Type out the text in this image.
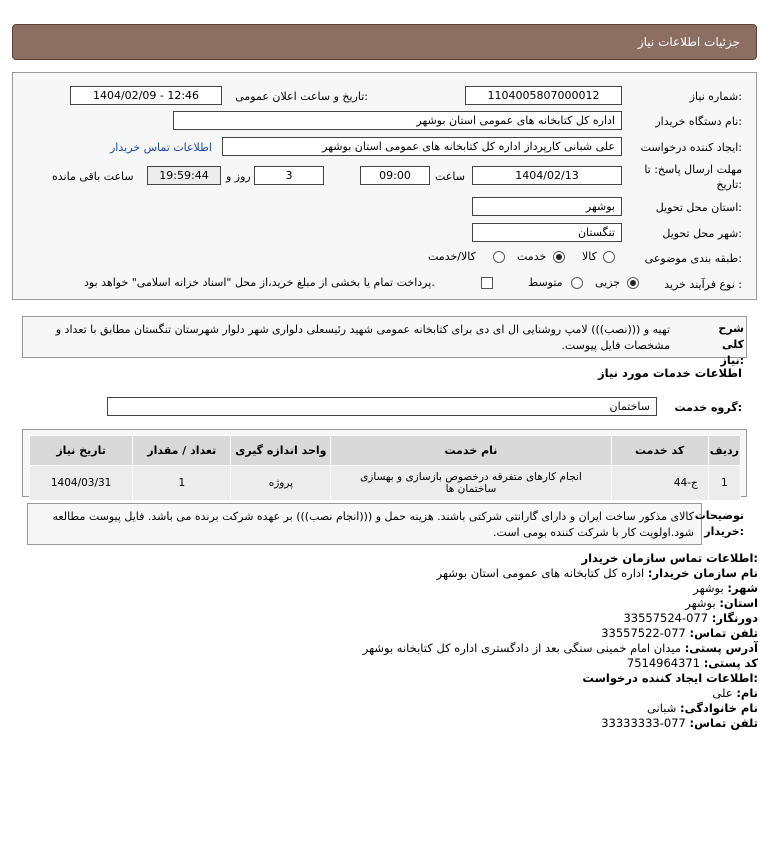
جزئیات اطلاعات نیاز
شماره نیاز:
1104005807000012
تاریخ و ساعت اعلان عمومی:
1404/02/09 - 12:46
نام دستگاه خریدار:
اداره کل کتابخانه های عمومی استان بوشهر
ایجاد کننده درخواست:
علی شبانی کارپرداز اداره کل کتابخانه های عمومی استان بوشهر
اطلاعات تماس خریدار
مهلت ارسال پاسخ: تا
تاریخ:
1404/02/13
ساعت
09:00
3
روز و
19:59:44
ساعت باقی مانده
استان محل تحویل:
بوشهر
شهر محل تحویل:
تنگستان
طبقه بندی موضوعی:
کالا
خدمت
کالا/خدمت
نوع فرآیند خرید :
جزیی
متوسط
پرداخت تمام یا بخشی از مبلغ خرید،از محل "اسناد خزانه اسلامی" خواهد بود.
شرح کلی نیاز:
تهیه و (((نصب))) لامپ روشنایی ال ای دی برای کتابخانه عمومی شهید رئیسعلی دلواری شهر دلوار شهرستان تنگستان مطابق با تعداد و مشخصات فایل پیوست.
اطلاعات خدمات مورد نیاز
گروه خدمت:
ساختمان
ردیف	کد خدمت	نام خدمت	واحد اندازه گیری	تعداد / مقدار	تاریخ نیاز
1	ج-44	انجام کارهای متفرقه درخصوص بازسازی و بهسازی ساختمان ها	پروژه	1	1404/03/31
توضیحات خریدار:
کالای مذکور ساخت ایران و دارای گارانتی شرکتی باشند. هزینه حمل و (((انجام نصب))) بر عهده شرکت برنده می باشد. فایل پیوست مطالعه شود.اولویت کار با شرکت کننده بومی است.
اطلاعات تماس سازمان خریدار:
نام سازمان خریدار: اداره کل کتابخانه های عمومی استان بوشهر
شهر: بوشهر
استان: بوشهر
دورنگار: 077-33557524
تلفن تماس: 077-33557522
آدرس پستی: میدان امام خمینی سنگی بعد از دادگستری اداره کل کتابخانه بوشهر
کد پستی: 7514964371
اطلاعات ایجاد کننده درخواست:
نام: علی
نام خانوادگی: شبانی
تلفن تماس: 077-33333333
